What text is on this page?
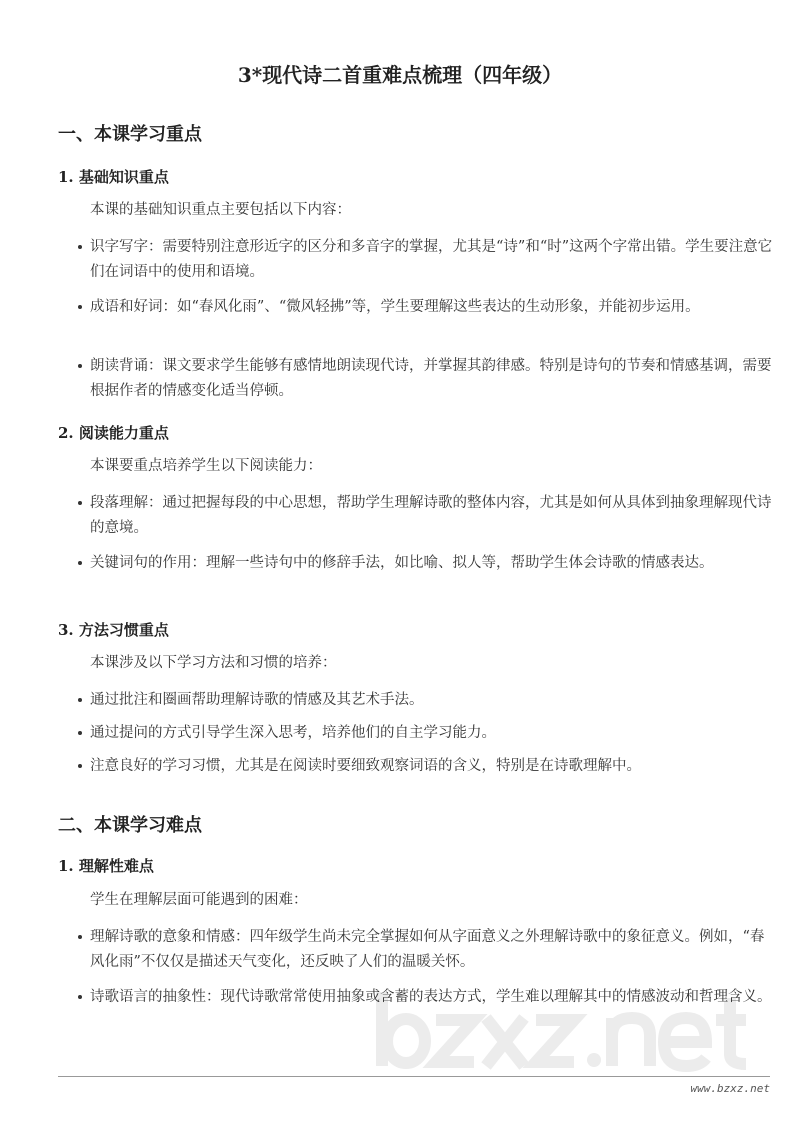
3*现代诗二首重难点梳理（四年级）
一、本课学习重点
1. 基础知识重点
本课的基础知识重点主要包括以下内容：
识字写字：需要特别注意形近字的区分和多音字的掌握，尤其是“诗”和“时”这两个字常出错。学生要注意它们在词语中的使用和语境。
成语和好词：如“春风化雨”、“微风轻拂”等，学生要理解这些表达的生动形象，并能初步运用。
朗读背诵：课文要求学生能够有感情地朗读现代诗，并掌握其韵律感。特别是诗句的节奏和情感基调，需要根据作者的情感变化适当停顿。
2. 阅读能力重点
本课要重点培养学生以下阅读能力：
段落理解：通过把握每段的中心思想，帮助学生理解诗歌的整体内容，尤其是如何从具体到抽象理解现代诗的意境。
关键词句的作用：理解一些诗句中的修辞手法，如比喻、拟人等，帮助学生体会诗歌的情感表达。
3. 方法习惯重点
本课涉及以下学习方法和习惯的培养：
通过批注和圈画帮助理解诗歌的情感及其艺术手法。
通过提问的方式引导学生深入思考，培养他们的自主学习能力。
注意良好的学习习惯，尤其是在阅读时要细致观察词语的含义，特别是在诗歌理解中。
二、本课学习难点
1. 理解性难点
学生在理解层面可能遇到的困难：
理解诗歌的意象和情感：四年级学生尚未完全掌握如何从字面意义之外理解诗歌中的象征意义。例如，“春风化雨”不仅仅是描述天气变化，还反映了人们的温暖关怀。
诗歌语言的抽象性：现代诗歌常常使用抽象或含蓄的表达方式，学生难以理解其中的情感波动和哲理含义。
www.bzxz.net
